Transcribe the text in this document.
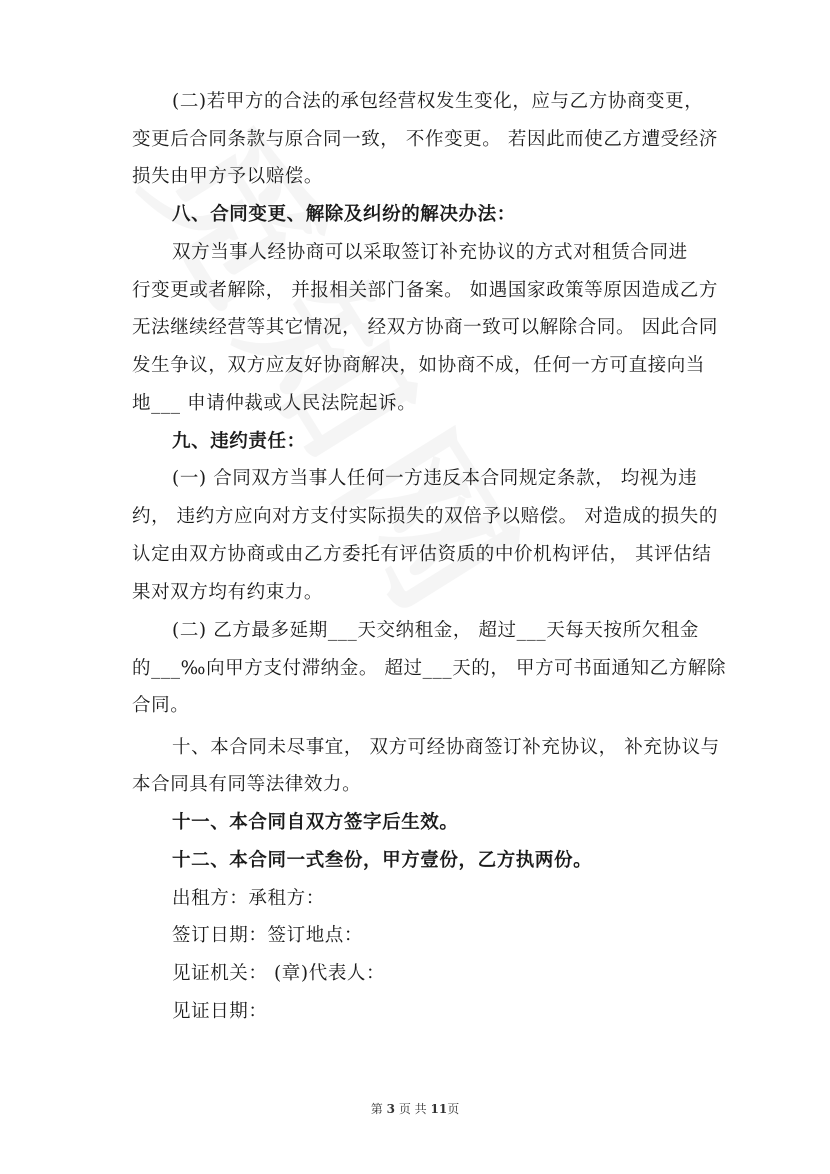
(二)若甲方的合法的承包经营权发生变化，应与乙方协商变更，
变更后合同条款与原合同一致， 不作变更。 若因此而使乙方遭受经济
损失由甲方予以赔偿。
八、合同变更、解除及纠纷的解决办法：
双方当事人经协商可以采取签订补充协议的方式对租赁合同进
行变更或者解除， 并报相关部门备案。 如遇国家政策等原因造成乙方
无法继续经营等其它情况， 经双方协商一致可以解除合同。 因此合同
发生争议，双方应友好协商解决，如协商不成，任何一方可直接向当
地___ 申请仲裁或人民法院起诉。
九、违约责任：
(一) 合同双方当事人任何一方违反本合同规定条款， 均视为违
约， 违约方应向对方支付实际损失的双倍予以赔偿。 对造成的损失的
认定由双方协商或由乙方委托有评估资质的中价机构评估， 其评估结
果对双方均有约束力。
(二) 乙方最多延期___天交纳租金， 超过___天每天按所欠租金
的___‰向甲方支付滞纳金。 超过___天的， 甲方可书面通知乙方解除
合同。
十、本合同未尽事宜， 双方可经协商签订补充协议， 补充协议与
本合同具有同等法律效力。
十一、本合同自双方签字后生效。
十二、本合同一式叁份，甲方壹份，乙方执两份。
出租方：承租方：
签订日期：签订地点：
见证机关： (章)代表人：
见证日期：
第 3 页 共 11页
